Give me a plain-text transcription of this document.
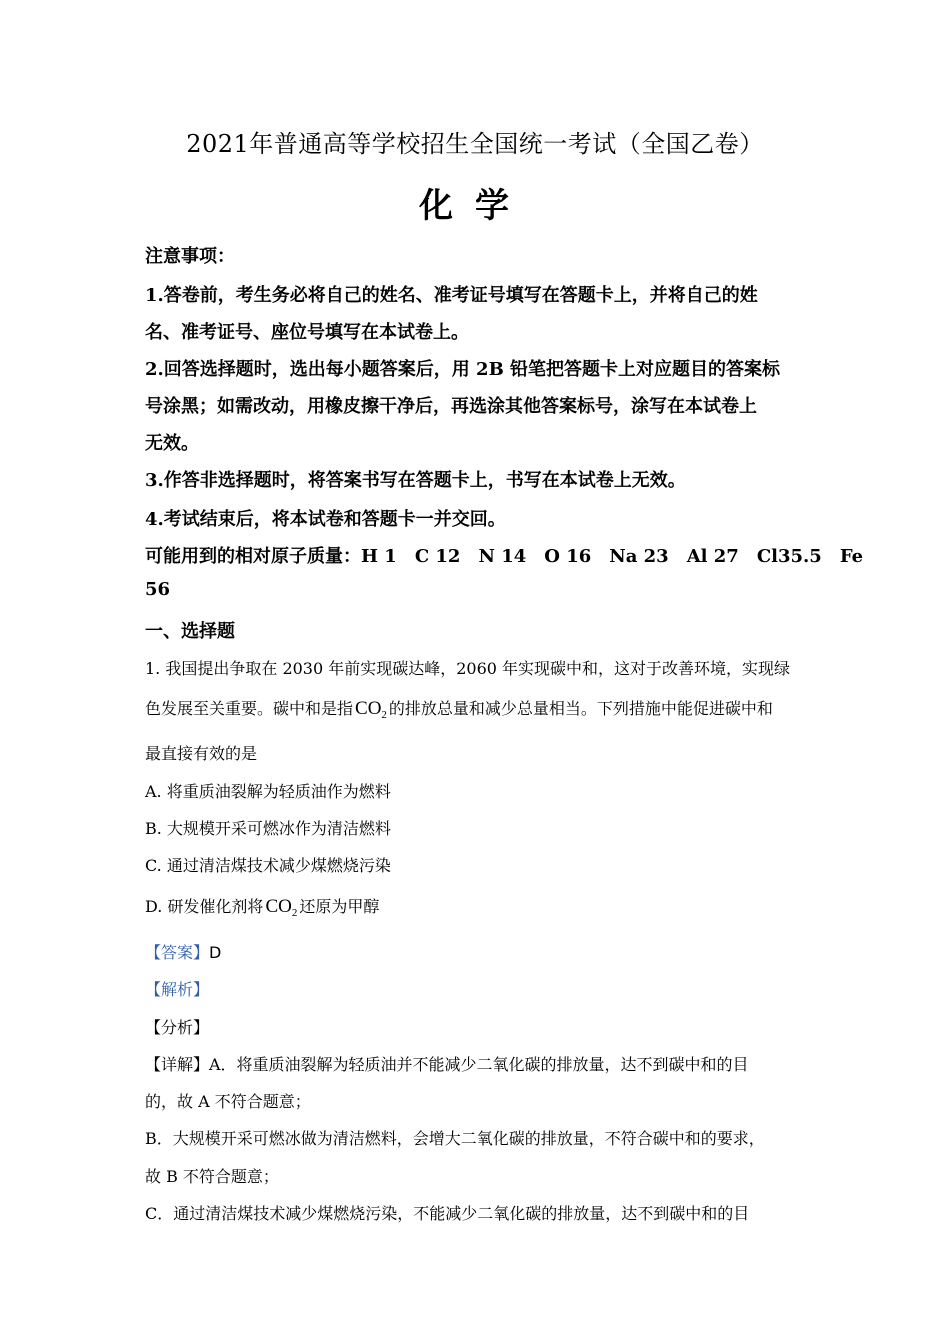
2021年普通高等学校招生全国统一考试（全国乙卷）
化学
注意事项：
1.答卷前，考生务必将自己的姓名、准考证号填写在答题卡上，并将自己的姓
名、准考证号、座位号填写在本试卷上。
2.回答选择题时，选出每小题答案后，用 2B 铅笔把答题卡上对应题目的答案标
号涂黑；如需改动，用橡皮擦干净后，再选涂其他答案标号，涂写在本试卷上
无效。
3.作答非选择题时，将答案书写在答题卡上，书写在本试卷上无效。
4.考试结束后，将本试卷和答题卡一并交回。
可能用到的相对原子质量：H 1 C 12 N 14 O 16 Na 23 Al 27 Cl35.5 Fe
56
一、选择题
1. 我国提出争取在 2030 年前实现碳达峰，2060 年实现碳中和，这对于改善环境，实现绿
色发展至关重要。碳中和是指 $CO_2$ 的排放总量和减少总量相当。下列措施中能促进碳中和
最直接有效的是
A. 将重质油裂解为轻质油作为燃料
B. 大规模开采可燃冰作为清洁燃料
C. 通过清洁煤技术减少煤燃烧污染
D. 研发催化剂将 $CO_2$ 还原为甲醇
【答案】D
【解析】
【分析】
【详解】A．将重质油裂解为轻质油并不能减少二氧化碳的排放量，达不到碳中和的目
的，故 A 不符合题意；
B．大规模开采可燃冰做为清洁燃料，会增大二氧化碳的排放量，不符合碳中和的要求，
故 B 不符合题意；
C．通过清洁煤技术减少煤燃烧污染，不能减少二氧化碳的排放量，达不到碳中和的目
